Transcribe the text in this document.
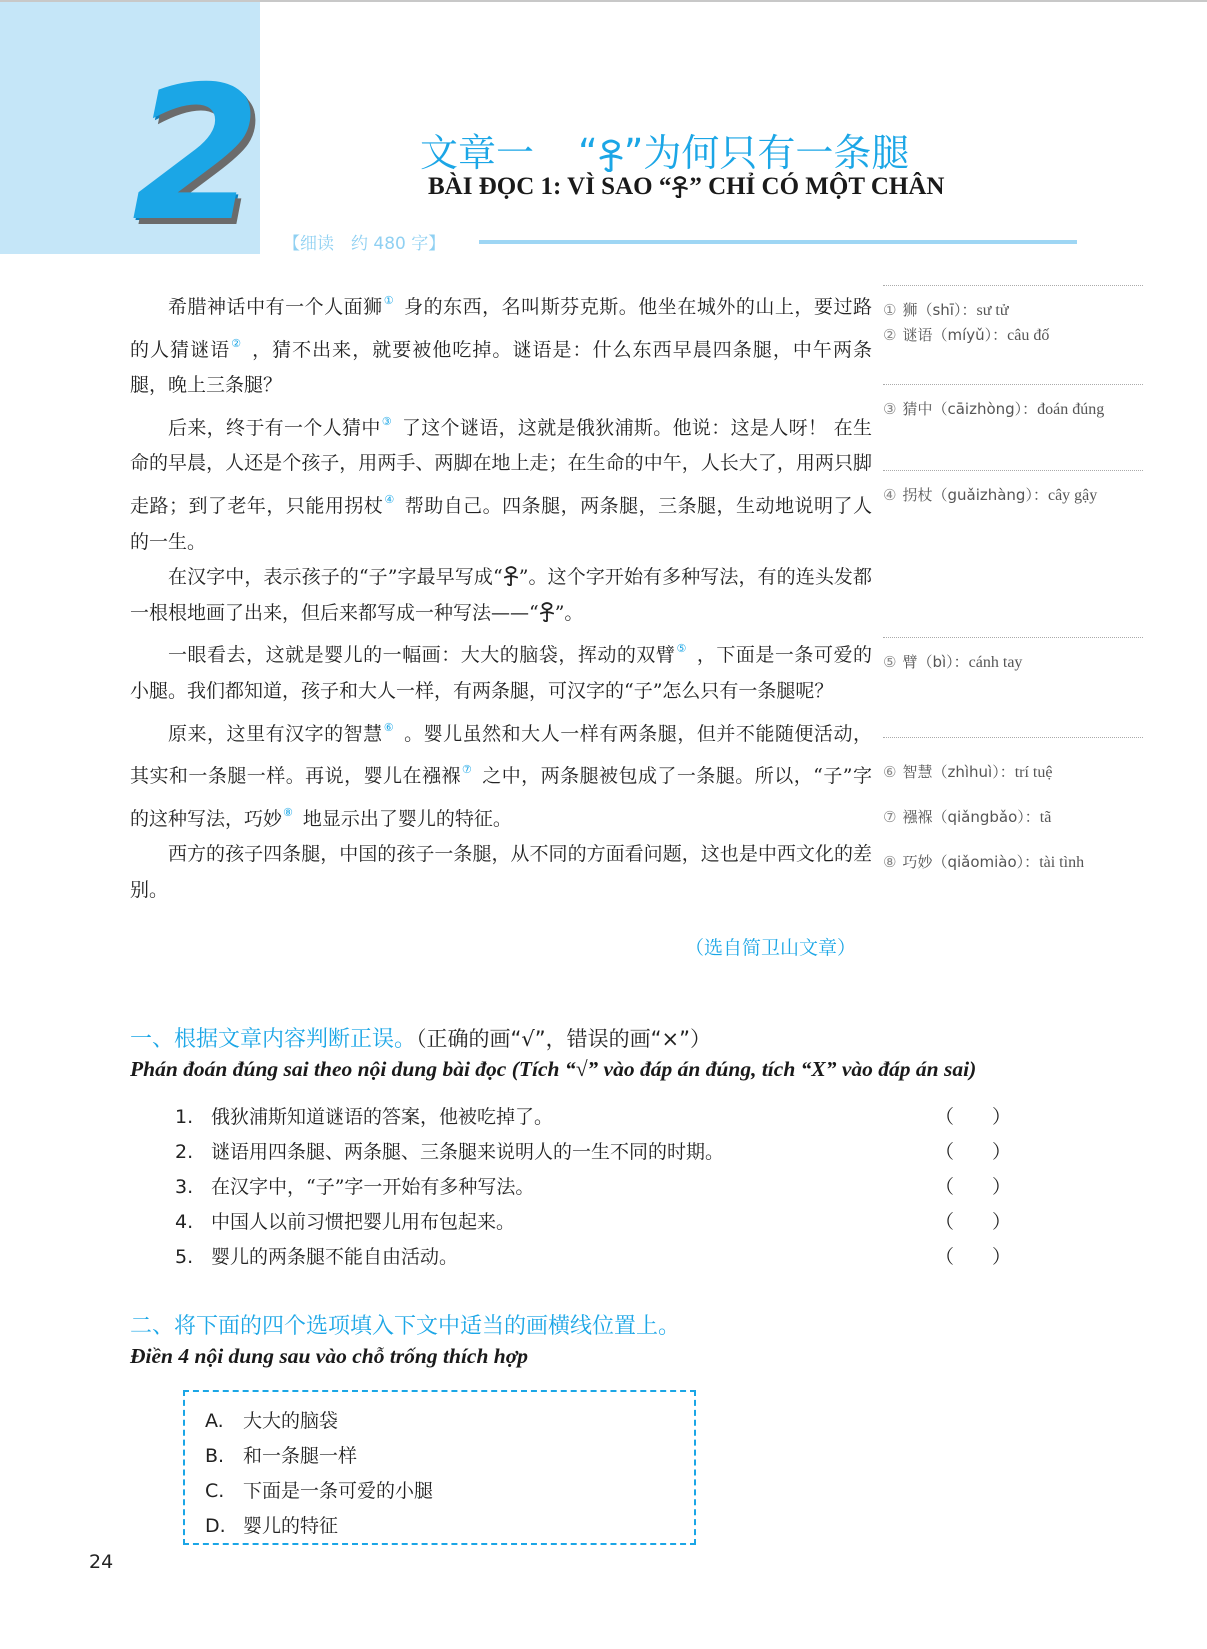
2	文章一 “ ”为何只有一条腿
BÀI ĐỌC 1: VÌ SAO “ ” CHỈ CÓ MỘT CHÂN
【细读　约 480 字】

希腊神话中有一个人面狮① 身的东西，名叫斯芬克斯。他坐在城外的山上，要过路的人猜谜语② ，猜不出来，就要被他吃掉。谜语是：什么东西早晨四条腿，中午两条腿，晚上三条腿？

后来，终于有一个人猜中③ 了这个谜语，这就是俄狄浦斯。他说：这是人呀！ 在生命的早晨，人还是个孩子，用两手、两脚在地上走；在生命的中午，人长大了，用两只脚走路；到了老年，只能用拐杖④ 帮助自己。四条腿，两条腿，三条腿，生动地说明了人的一生。

在汉字中，表示孩子的“子”字最早写成“ ”。这个字开始有多种写法，有的连头发都一根根地画了出来，但后来都写成一种写法——“ ”。

一眼看去，这就是婴儿的一幅画：大大的脑袋，挥动的双臂⑤ ，下面是一条可爱的小腿。我们都知道，孩子和大人一样，有两条腿，可汉字的“子”怎么只有一条腿呢？

原来，这里有汉字的智慧⑥ 。婴儿虽然和大人一样有两条腿，但并不能随便活动，其实和一条腿一样。再说，婴儿在襁褓⑦ 之中，两条腿被包成了一条腿。所以，“子”字的这种写法，巧妙⑧ 地显示出了婴儿的特征。

西方的孩子四条腿，中国的孩子一条腿，从不同的方面看问题，这也是中西文化的差别。

（选自简卫山文章）
① 狮（shī）：sư tử
② 谜语（míyǔ）：câu đố
③ 猜中（cāizhòng）：đoán đúng
④ 拐杖（guǎizhàng）：cây gậy
⑤ 臂（bì）：cánh tay
⑥ 智慧（zhìhuì）：trí tuệ
⑦ 襁褓（qiǎngbǎo）：tã
⑧ 巧妙（qiǎomiào）：tài tình
一、根据文章内容判断正误。（正确的画“√”，错误的画“×”）
Phán đoán đúng sai theo nội dung bài đọc (Tích “√” vào đáp án đúng, tích “X” vào đáp án sai)
1. 俄狄浦斯知道谜语的答案，他被吃掉了。	（　　）
2. 谜语用四条腿、两条腿、三条腿来说明人的一生不同的时期。	（　　）
3. 在汉字中，“子”字一开始有多种写法。	（　　）
4. 中国人以前习惯把婴儿用布包起来。	（　　）
5. 婴儿的两条腿不能自由活动。	（　　）
二、将下面的四个选项填入下文中适当的画横线位置上。
Điền 4 nội dung sau vào chỗ trống thích hợp
A. 大大的脑袋
B. 和一条腿一样
C. 下面是一条可爱的小腿
D. 婴儿的特征
24
